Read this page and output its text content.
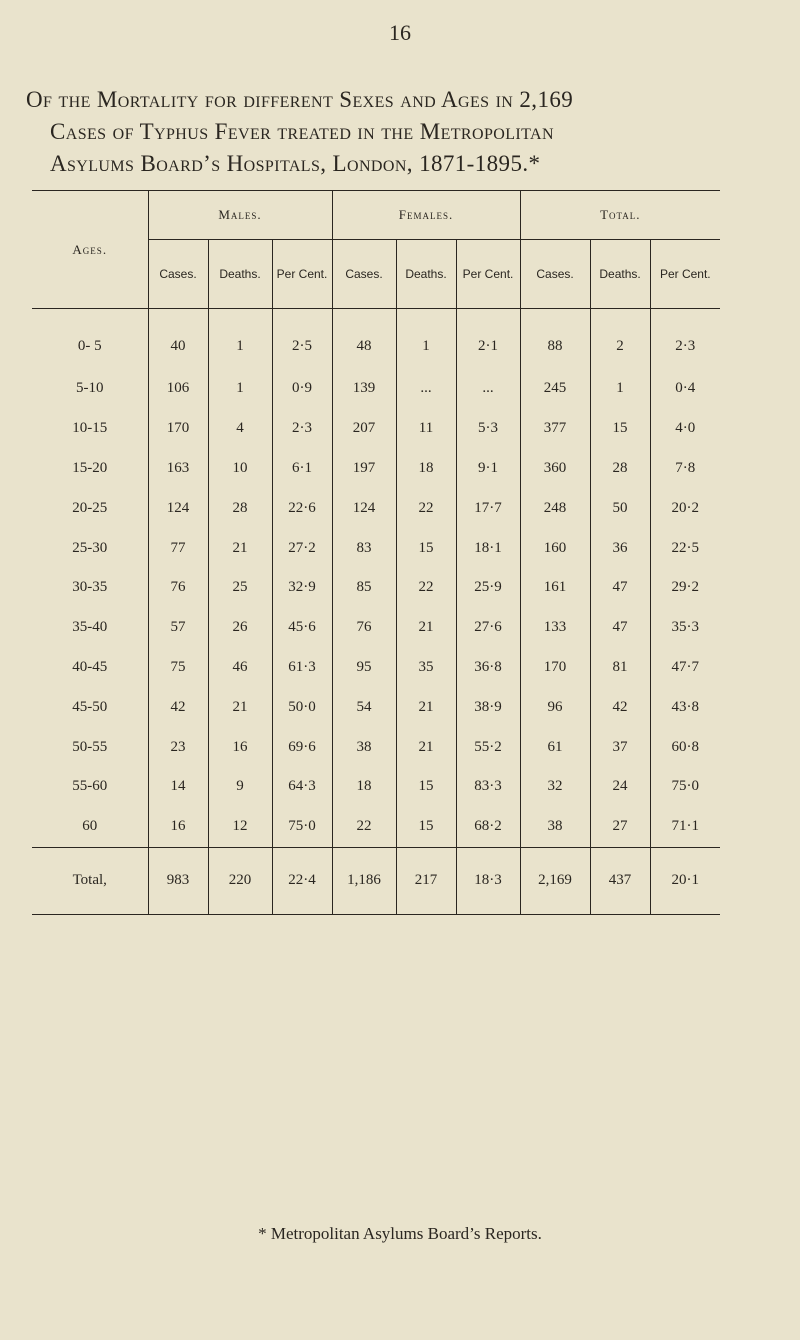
16
Of the Mortality for different Sexes and Ages in 2,169
Cases of Typhus Fever treated in the Metropolitan
Asylums Board’s Hospitals, London, 1871-1895.*
Ages.	Males.			Females.			Total.		
	Cases.	Deaths.	Per Cent.	Cases.	Deaths.	Per Cent.	Cases.	Deaths.	Per Cent.
0- 5	40	1	2·5	48	1	2·1	88	2	2·3
5-10	106	1	0·9	139	...	...	245	1	0·4
10-15	170	4	2·3	207	11	5·3	377	15	4·0
15-20	163	10	6·1	197	18	9·1	360	28	7·8
20-25	124	28	22·6	124	22	17·7	248	50	20·2
25-30	77	21	27·2	83	15	18·1	160	36	22·5
30-35	76	25	32·9	85	22	25·9	161	47	29·2
35-40	57	26	45·6	76	21	27·6	133	47	35·3
40-45	75	46	61·3	95	35	36·8	170	81	47·7
45-50	42	21	50·0	54	21	38·9	96	42	43·8
50-55	23	16	69·6	38	21	55·2	61	37	60·8
55-60	14	9	64·3	18	15	83·3	32	24	75·0
60	16	12	75·0	22	15	68·2	38	27	71·1
Total,	983	220	22·4	1,186	217	18·3	2,169	437	20·1
* Metropolitan Asylums Board’s Reports.
